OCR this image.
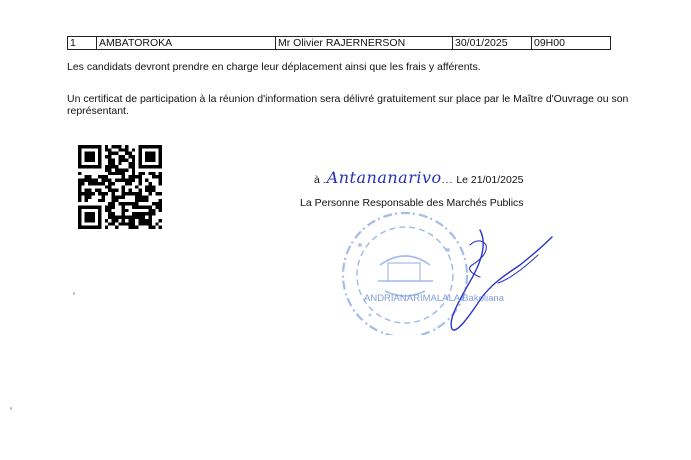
1	AMBATOROKA	Mr Olivier RAJERNERSON	30/01/2025	09H00
Les candidats devront prendre en charge leur déplacement ainsi que les frais y afférents.
Un certificat de participation à la réunion d'information sera délivré gratuitement sur place par le Maître d'Ouvrage ou son représentant.
à .Antananarivo... Le 21/01/2025
La Personne Responsable des Marchés Publics
ANDRIANARIMALALA Bakoliana
